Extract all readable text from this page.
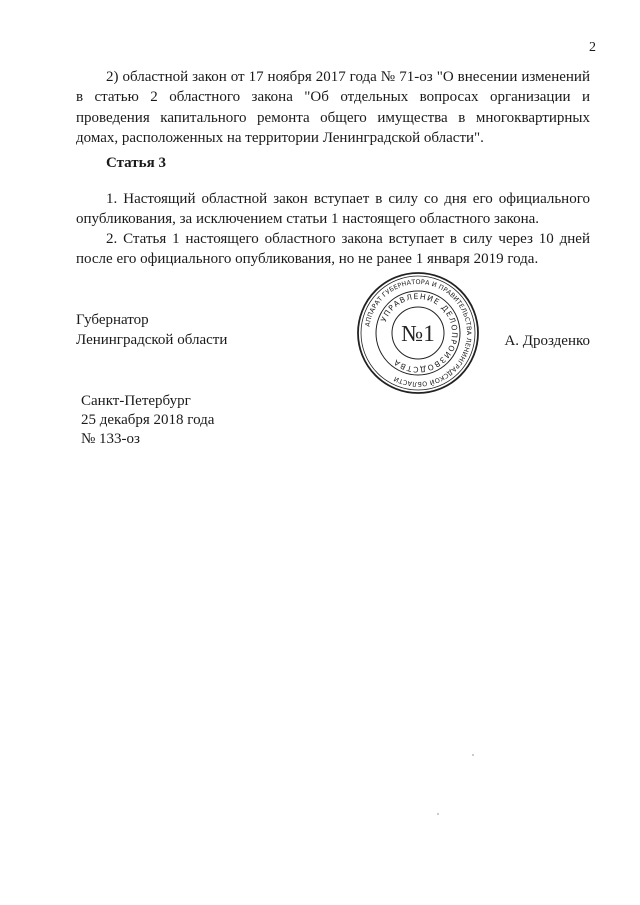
2

2) областной закон от 17 ноября 2017 года № 71-оз "О внесении изменений в статью 2 областного закона "Об отдельных вопросах организации и проведения капитального ремонта общего имущества в многоквартирных домах, расположенных на территории Ленинградской области".

Статья 3

1. Настоящий областной закон вступает в силу со дня его официального опубликования, за исключением статьи 1 настоящего областного закона.

2. Статья 1 настоящего областного закона вступает в силу через 10 дней после его официального опубликования, но не ранее 1 января 2019 года.

Губернатор
Ленинградской области
АППАРАТ ГУБЕРНАТОРА И ПРАВИТЕЛЬСТВА ЛЕНИНГРАДСКОЙ ОБЛАСТИ
УПРАВЛЕНИЕ ДЕЛОПРОИЗВОДСТВА
№1	А. Дрозденко
Санкт-Петербург
25 декабря 2018 года
№ 133-оз
